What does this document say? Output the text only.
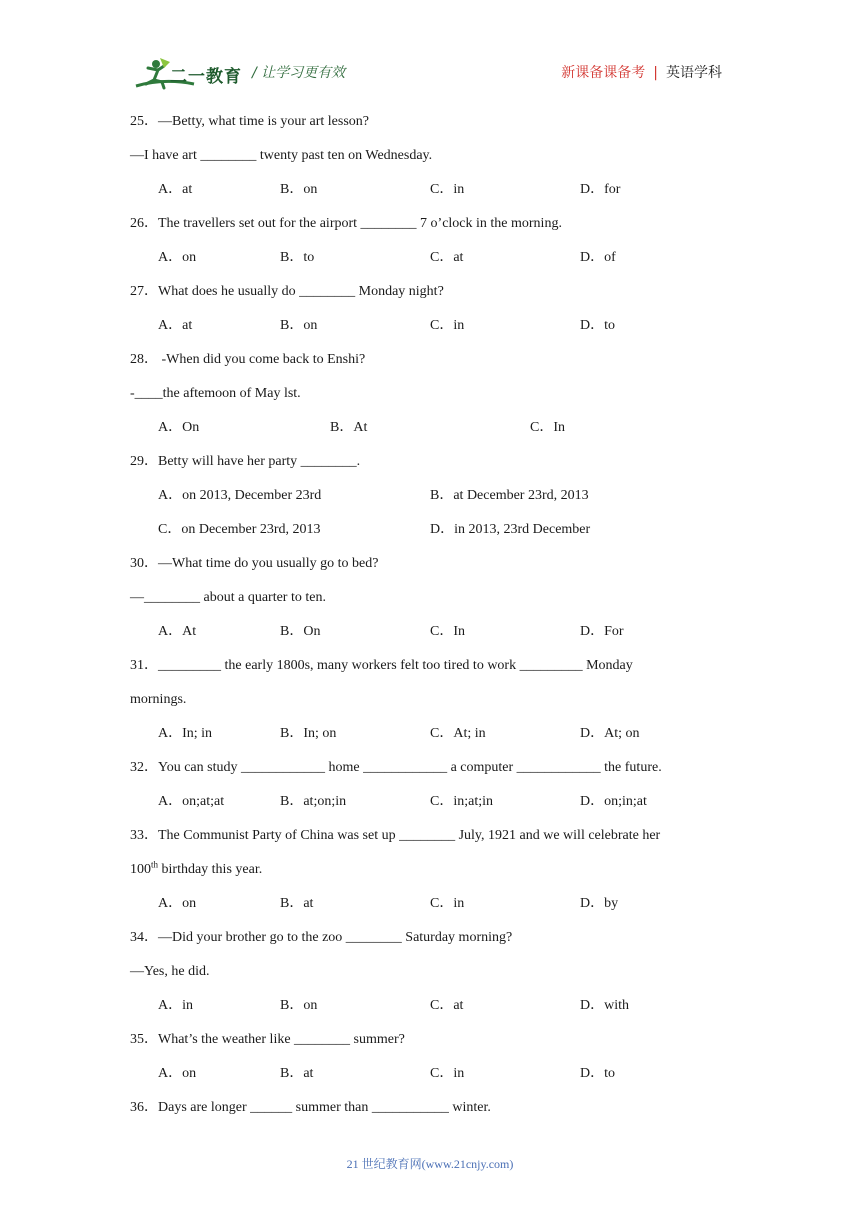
二一教育 / 让学习更有效	新课备课备考 | 英语学科
25．—Betty, what time is your art lesson?
—I have art ________ twenty past ten on Wednesday.
A．at	B．on	C．in	D．for
26．The travellers set out for the airport ________ 7 o’clock in the morning.
A．on	B．to	C．at	D．of
27．What does he usually do ________ Monday night?
A．at	B．on	C．in	D．to
28． -When did you come back to Enshi?
-____the aftemoon of May lst.
A．On	B．At	C．In
29．Betty will have her party ________.
A．on 2013, December 23rd	B．at December 23rd, 2013
C．on December 23rd, 2013	D．in 2013, 23rd December
30．—What time do you usually go to bed?
—________ about a quarter to ten.
A．At	B．On	C．In	D．For
31．_________ the early 1800s, many workers felt too tired to work _________ Monday
mornings.
A．In; in	B．In; on	C．At; in	D．At; on
32．You can study ____________ home ____________ a computer ____________ the future.
A．on;at;at	B．at;on;in	C．in;at;in	D．on;in;at
33．The Communist Party of China was set up ________ July, 1921 and we will celebrate her
100th birthday this year.
A．on	B．at	C．in	D．by
34．—Did your brother go to the zoo ________ Saturday morning?
—Yes, he did.
A．in	B．on	C．at	D．with
35．What’s the weather like ________ summer?
A．on	B．at	C．in	D．to
36．Days are longer ______ summer than ___________ winter.
21 世纪教育网(www.21cnjy.com)
